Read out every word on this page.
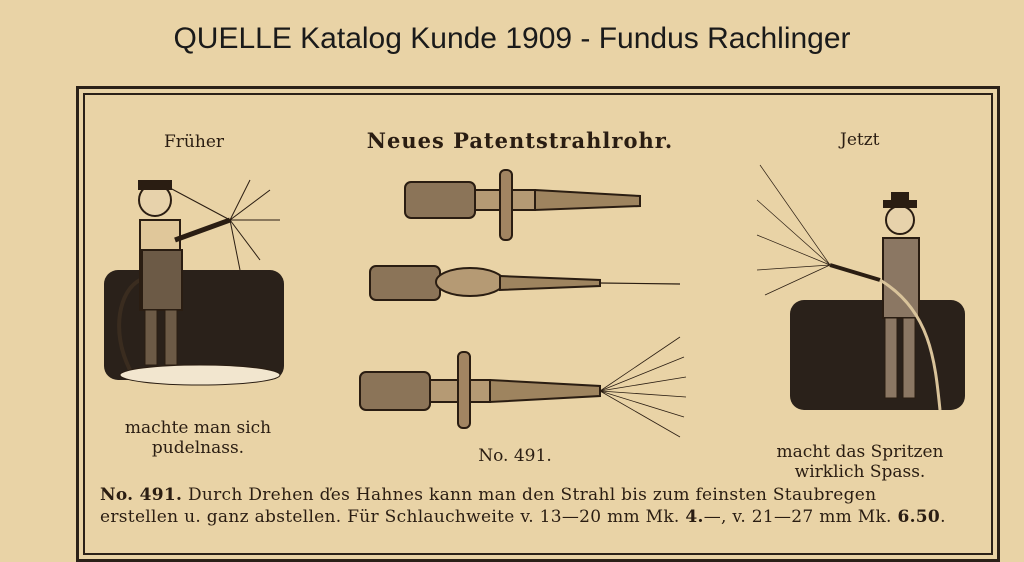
QUELLE Katalog Kunde 1909 - Fundus Rachlinger
Neues Patentstrahlrohr.
Früher	Jetzt
machte man sich
pudelnass.	No. 491.	macht das Spritzen
wirklich Spass.
No. 491. Durch Drehen ďes Hahnes kann man den Strahl bis zum feinsten Staubregen
erstellen u. ganz abstellen. Für Schlauchweite v. 13—20 mm Mk. 4.—, v. 21—27 mm Mk. 6.50.
